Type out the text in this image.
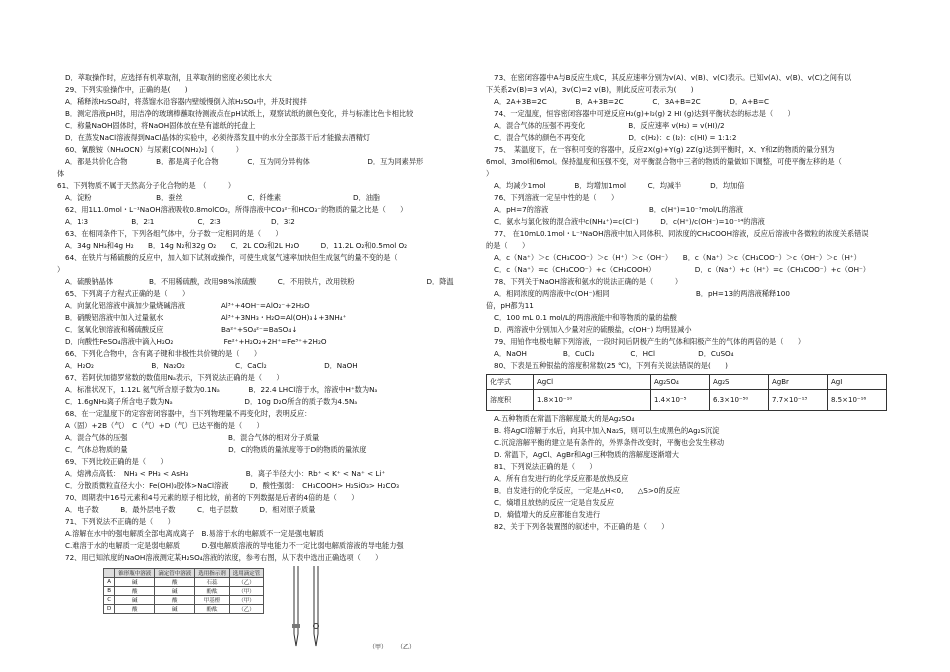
D．萃取操作时，应选择有机萃取剂，且萃取剂的密度必须比水大
29、下列实验操作中，正确的是(　　)
A．稀释浓H₂SO₄时，将蒸馏水沿容器内壁缓慢倒入浓H₂SO₄中，并及时搅拌
B．测定溶液pH时，用洁净的玻璃棒蘸取待测液点在pH试纸上，观察试纸的颜色变化，并与标准比色卡相比较
C．称量NaOH固体时，将NaOH固体放在垫有滤纸的托盘上
D．在蒸发NaCl溶液得到NaCl晶体的实验中，必须待蒸发皿中的水分全部蒸干后才能撤去酒精灯
60、氰酸铵（NH₄OCN）与尿素[CO(NH₂)₂]（　　　）
A．都是共价化合物　　　　B．都是离子化合物　　　　C．互为同分异构体　　　　　　　　D．互为同素异形
体
61、下列物质不属于天然高分子化合物的是　（　　　）
A．淀粉　　　　　　　　　B．蚕丝　　　　　　　　　C．纤维素　　　　　　　　　　D．油脂
62、用1L1.0mol・L⁻¹NaOH溶液吸收0.8molCO₂，所得溶液中CO₃²⁻和HCO₃⁻的物质的量之比是（　　）
A．1∶3　　　　　　B．2∶1　　　　　　C．2∶3　　　　　　　D．3∶2
63、在相同条件下，下列各组气体中，分子数一定相同的是（　　）
A．34g NH₃和4g H₂　　B．14g N₂和32g O₂　　C．2L CO₂和2L H₂O　　　D．11.2L O₂和0.5mol O₂
64、在铁片与稀硫酸的反应中，加入如下试剂或操作，可使生成氢气速率加快但生成氢气的量不变的是（
）
A．硫酸钠晶体　　　　　B．不用稀硫酸，改用98%浓硫酸　　　C．不用铁片，改用铁粉　　　　　　　　　　D．降温
65、下列离子方程式正确的是（　　）
A．向氯化铝溶液中滴加少量烧碱溶液　　　　　Al³⁺+4OH⁻=AlO₂⁻+2H₂O
B．硝酸铝溶液中加入过量氨水　　　　　　　　Al³⁺+3NH₃・H₂O=Al(OH)₃↓+3NH₄⁺
C．氢氧化钡溶液和稀硫酸反应　　　　　　　　Ba²⁺+SO₄²⁻=BaSO₄↓
D．向酸性FeSO₄溶液中滴入H₂O₂　　　　　　　Fe²⁺+H₂O₂+2H⁺=Fe³⁺+2H₂O
66、下列化合物中，含有离子键和非极性共价键的是（　　）
A．H₂O₂　　　　　　　　B．Na₂O₂　　　　　　　C．CaCl₂　　　　　　　　D．NaOH
67、若阿伏加德罗常数的数值用Nₐ表示，下列说法正确的是（　　）
A．标准状况下，1.12L 氦气所含原子数为0.1Nₐ　　　　B．22.4 LHCl溶于水，溶液中H⁺数为Nₐ
C．1.6gNH₂离子所含电子数为Nₐ　　　　　　　　　　D．10g D₂O所含的质子数为4.5Nₐ
68、在一定温度下的定容密闭容器中，当下列物理量不再变化时，表明反应：
A（固）+2B（气）　C（气）+D（气）已达平衡的是（　　）
A．混合气体的压强　　　　　　　　　　　　　　B．混合气体的相对分子质量
C．气体总物质的量　　　　　　　　　　　　　　D．C的物质的量浓度等于D的物质的量浓度
69、下列比较正确的是（　　）
A．熔沸点高低：　NH₃ < PH₃ < AsH₃　　　　　　　　B．离子半径大小：Rb⁺ < K⁺ < Na⁺ < Li⁺
C．分散质微粒直径大小：Fe(OH)₃胶体>NaCl溶液　　　D．酸性强弱：　CH₃COOH> H₂SiO₃> H₂CO₃
70、周期表中16号元素和4号元素的原子相比较，前者的下列数据是后者的4倍的是（　　）
A．电子数　　　B．最外层电子数　　　C．电子层数　　　D．相对原子质量
71、下列说法不正确的是（　　）
A.溶解在水中的强电解质全部电离成离子　B.易溶于水的电解质不一定是强电解质
C.难溶于水的电解质一定是弱电解质　　　D.强电解质溶液的导电能力不一定比弱电解质溶液的导电能力强
72、用已知浓度的NaOH溶液测定某H₂SO₄溶液的浓度，参考右图，从下表中选出正确选项（　　）
	锥形瓶中溶液	滴定管中溶液	选用指示剂	选用滴定管
A	碱	酸	石蕊	（乙）
B	酸	碱	酚酞	（甲）
C	碱	酸	甲基橙	（甲）
D	酸	碱	酚酞	（乙）
（甲） （乙）
73、在密闭容器中A与B反应生成C，其反应速率分别为v(A)、v(B)、v(C)表示。已知v(A)、v(B)、v(C)之间有以
下关系2v(B)=3 v(A)，3v(C)=2 v(B)，则此反应可表示为(　　)
A．2A+3B=2C　　　　B．A+3B=2C　　　　C．3A+B=2C　　　　D．A+B=C
74、一定温度，恒容密闭容器中可逆反应H₂(g)+I₂(g) 2 HI (g)达到平衡状态的标志是（　　）
A．混合气体的压强不再变化　　　　　　B．反应速率 v(H₂) = v(HI)/2
C．混合气体的颜色不再变化　　　　　　D．c(H₂)：c (I₂)：c(HI) = 1:1:2
75、　某温度下，在一容积可变的容器中，反应2X(g)+Y(g) 2Z(g)达到平衡时，X、Y和Z的物质的量分别为
6mol、3mol和6mol。保持温度和压强不变，对平衡混合物中三者的物质的量做如下调整，可使平衡左移的是（
）
A．均减少1mol　　　　B．均增加1mol　　　C．均减半　　　　D．均加倍
76、下列溶液一定呈中性的是（　　）
A．pH=7的溶液　　　　　　　　　　　　　　B．c(H⁺)=10⁻⁷mol/L的溶液
C．氨水与氯化铵的混合液中c(NH₄⁺)=c(Cl⁻)　　　D．c(H⁺)/c(OH⁻)=10⁻¹⁴的溶液
77、 在10mL0.1mol・L⁻¹NaOH溶液中加入同体积、同浓度的CH₃COOH溶液，反应后溶液中各微粒的浓度关系错误
的是（　　）
A．c（Na⁺）＞c（CH₃COO⁻）＞c（H⁺）＞c（OH⁻）　　B．c（Na⁺）＞c（CH₃COO⁻）＞c（OH⁻）＞c（H⁺）
C．c（Na⁺）=c（CH₃COO⁻）+c（CH₃COOH）　　　　　　D．c（Na⁺）+c（H⁺）=c（CH₃COO⁻）+c（OH⁻）
78、下列关于NaOH溶液和氨水的说法正确的是（　　　）
A．相同浓度的两溶液中c(OH⁻)相同　　　　　　　　　　　　B．pH=13的两溶液稀释100
倍，pH都为11
C．100 mL 0.1 mol/L的两溶液能中和等物质的量的盐酸
D．两溶液中分别加入少量对应的硫酸盐，c(OH⁻) 均明显减小
79、用铂作电极电解下列溶液，一段时间后阴极产生的气体和阳极产生的气体的两倍的是（　　）
A．NaOH　　　　　B．CuCl₂　　　　　C．HCl　　　　　　D．CuSO₄
80、下表是五种银盐的溶度积常数(25 ℃)，下列有关说法错误的是(　　)
化学式	AgCl	Ag₂SO₄	Ag₂S	AgBr	AgI
溶度积	1.8×10⁻¹⁰	1.4×10⁻⁵	6.3×10⁻⁵⁰	7.7×10⁻¹³	8.5×10⁻¹⁶
A.五种物质在常温下溶解度最大的是Ag₂SO₄
B. 将AgCl溶解于水后，向其中加入Na₂S，则可以生成黑色的Ag₂S沉淀
C.沉淀溶解平衡的建立是有条件的，外界条件改变时，平衡也会发生移动
D. 常温下，AgCl、AgBr和AgI三种物质的溶解度逐渐增大
81、下列说法正确的是（　　）
A．所有自发进行的化学反应都是放热反应
B．自发进行的化学反应，一定是△H<0,　　△S>0的反应
C．熵增且放热的反应一定是自发反应
D．熵值增大的反应都能自发进行
82、关于下列各装置图的叙述中，不正确的是（　　）
